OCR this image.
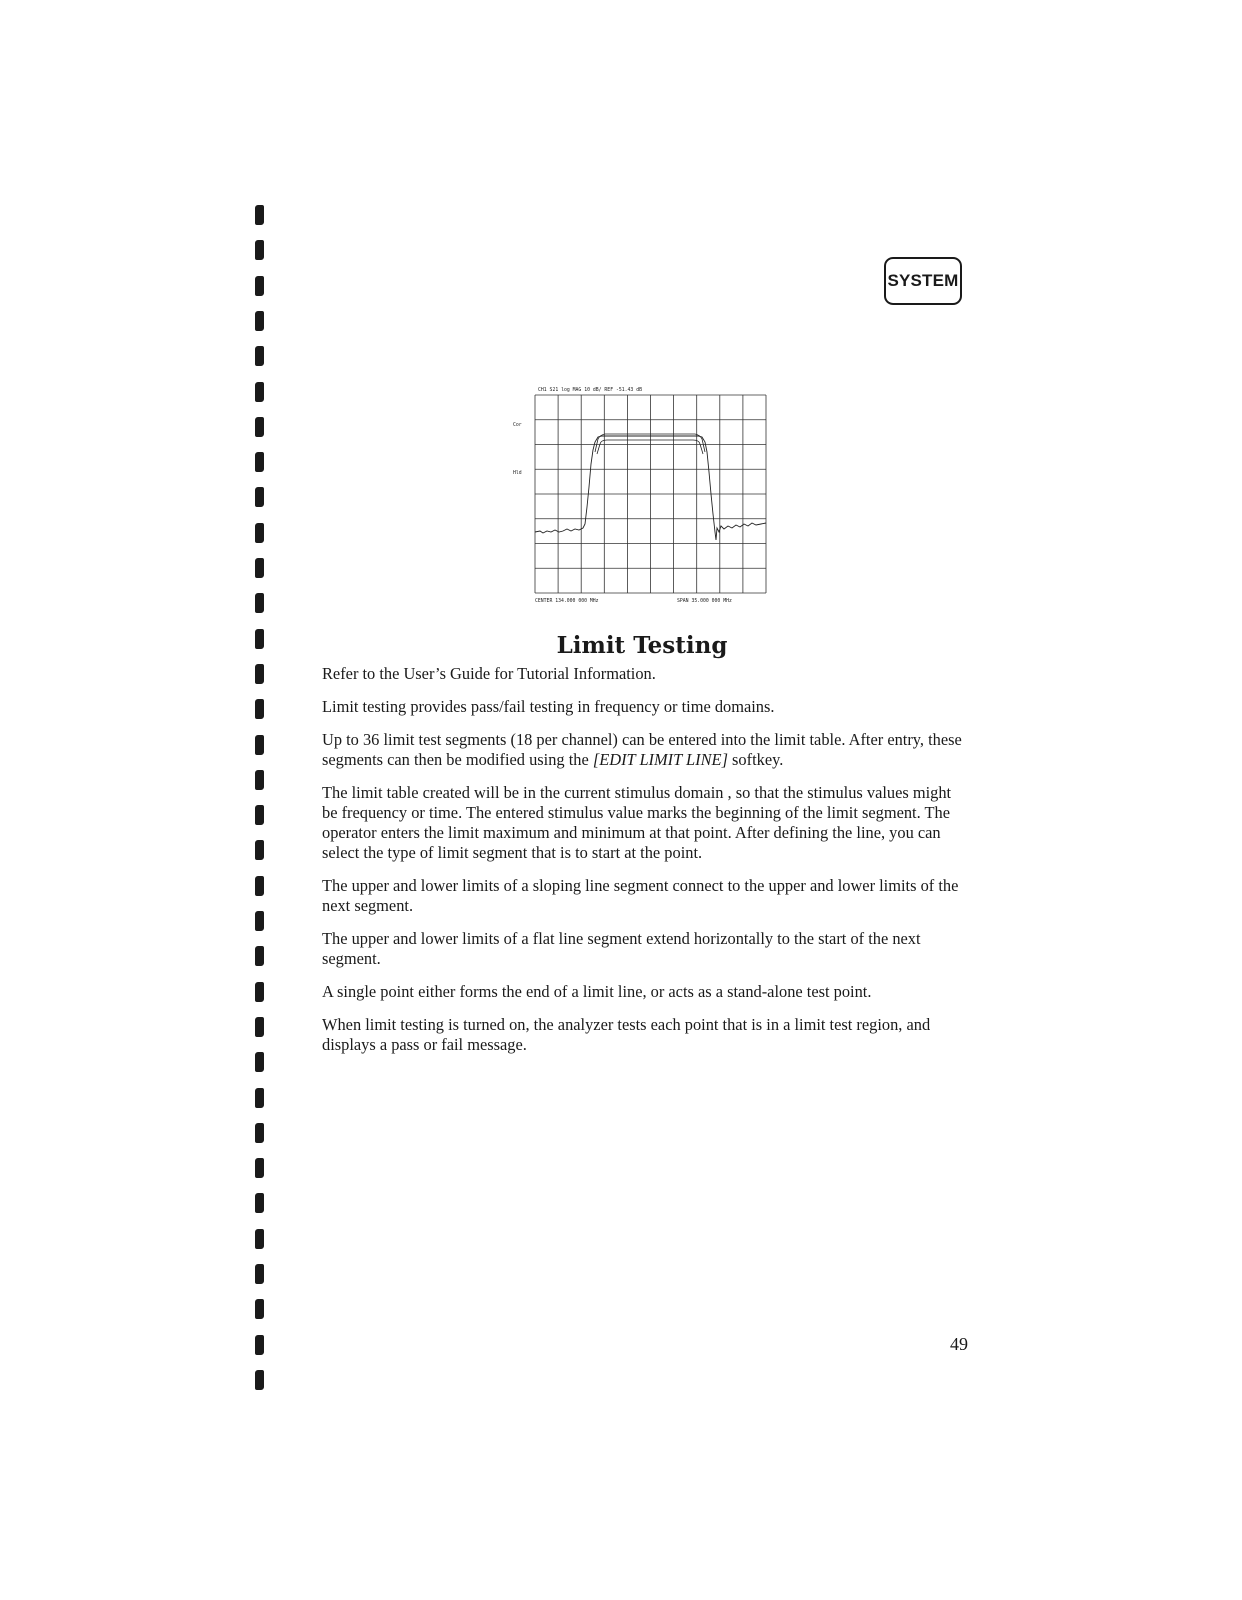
SYSTEM
CH1 S21 log MAG 10 dB/ REF -51.43 dB
Cor
Hld
CENTER 134.000 000 MHz	SPAN 35.000 000 MHz
Limit Testing

Refer to the User’s Guide for Tutorial Information.

Limit testing provides pass/fail testing in frequency or time domains.

Up to 36 limit test segments (18 per channel) can be entered into the limit table. After entry, these segments can then be modified using the [EDIT LIMIT LINE] softkey.

The limit table created will be in the current stimulus domain , so that the stimulus values might be frequency or time. The entered stimulus value marks the beginning of the limit segment. The operator enters the limit maximum and minimum at that point. After defining the line, you can select the type of limit segment that is to start at the point.

The upper and lower limits of a sloping line segment connect to the upper and lower limits of the next segment.

The upper and lower limits of a flat line segment extend horizontally to the start of the next segment.

A single point either forms the end of a limit line, or acts as a stand-alone test point.

When limit testing is turned on, the analyzer tests each point that is in a limit test region, and displays a pass or fail message.

49
